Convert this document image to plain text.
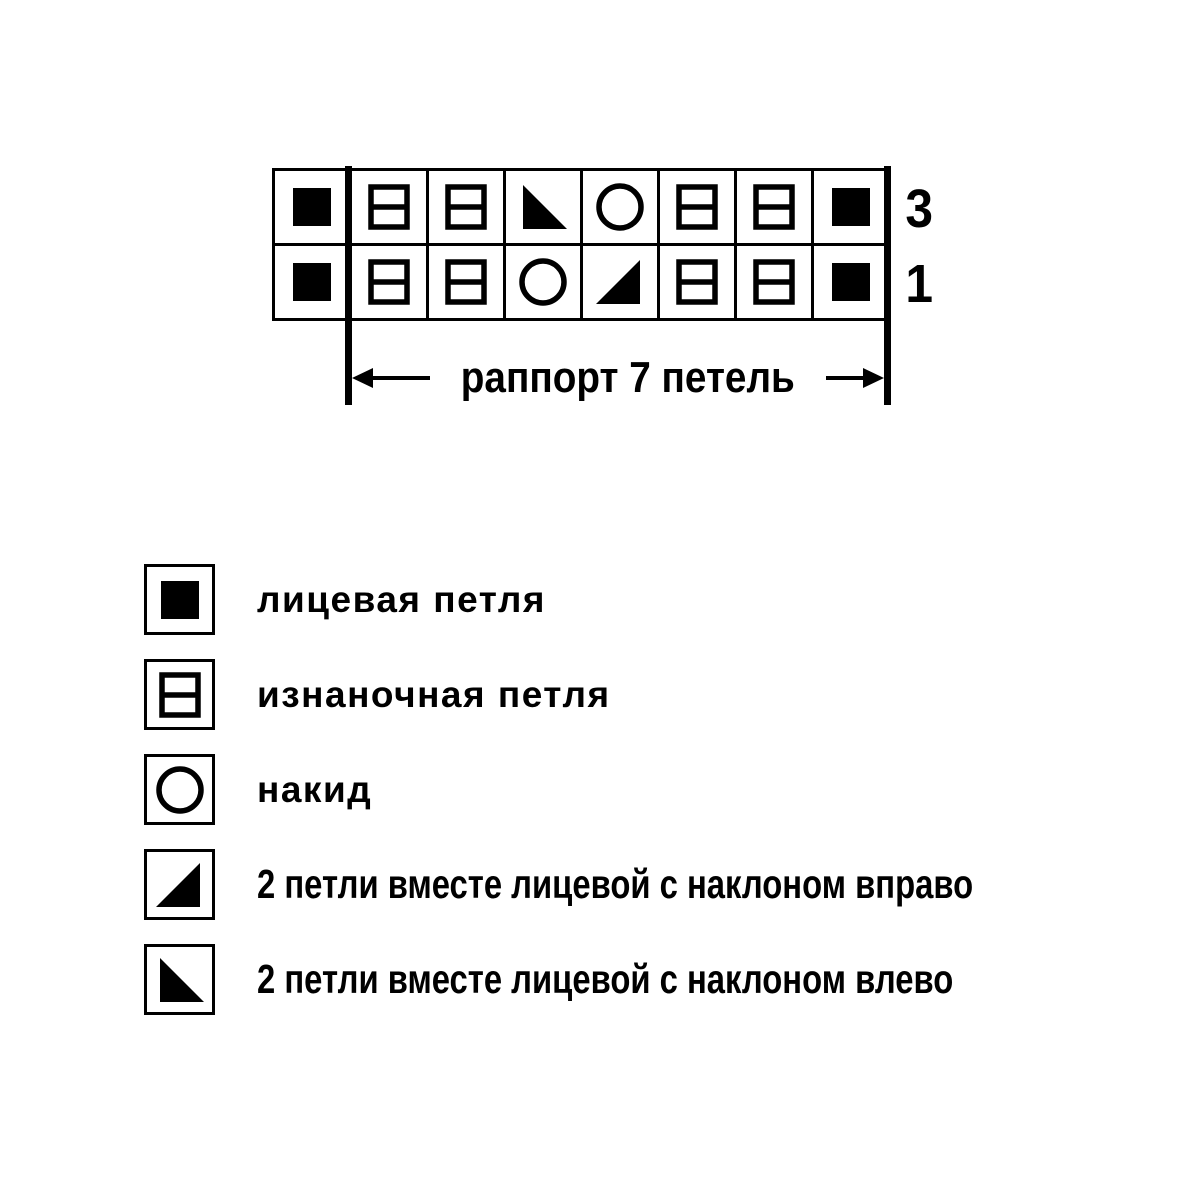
3
1
раппорт 7 петель
лицевая петля
изнаночная петля
накид
2 петли вместе лицевой с наклоном вправо
2 петли вместе лицевой с наклоном влево
